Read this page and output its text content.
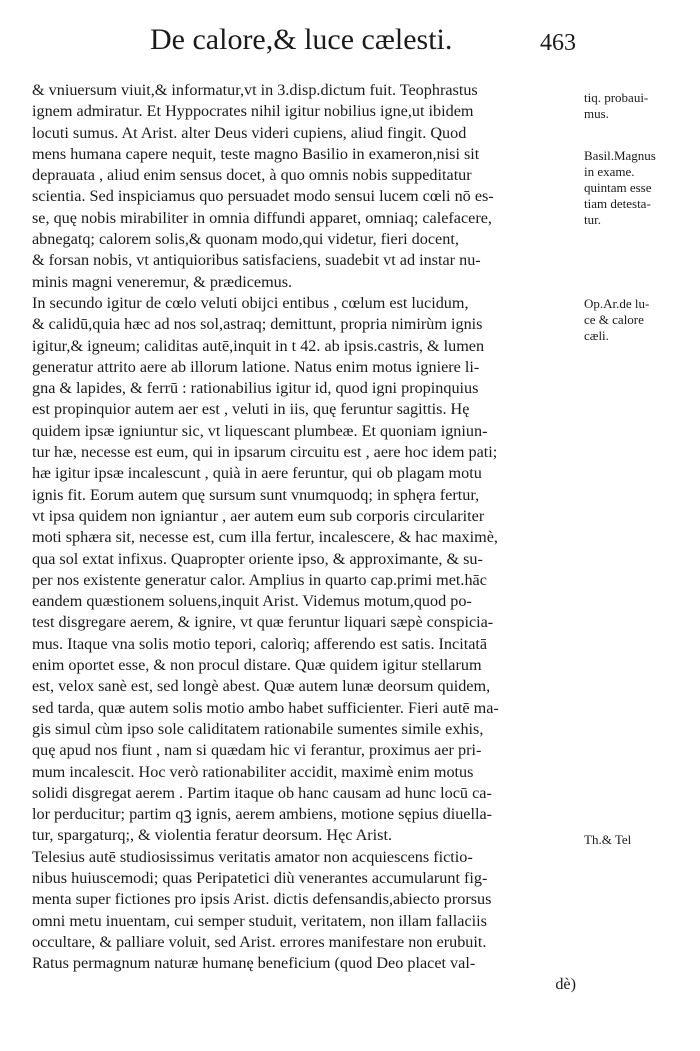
De calore,& luce cælesti.	463
& vniuersum viuit,& informatur,vt in 3.disp.dictum fuit. Teophrastus
ignem admiratur. Et Hyppocrates nihil igitur nobilius igne,ut ibidem
locuti sumus. At Arist. alter Deus videri cupiens, aliud fingit. Quod
mens humana capere nequit, teste magno Basilio in exameron,nisi sit
deprauata , aliud enim sensus docet, à quo omnis nobis suppeditatur
scientia. Sed inspiciamus quo persuadet modo sensui lucem cœli nō es-
se, quę nobis mirabiliter in omnia diffundi apparet, omniaq; calefacere,
abnegatq; calorem solis,& quonam modo,qui videtur, fieri docent,
& forsan nobis, vt antiquioribus satisfaciens, suadebit vt ad instar nu-
minis magni veneremur, & prædicemus.
In secundo igitur de cœlo veluti obijci entibus , cœlum est lucidum,
& calidū,quia hæc ad nos sol,astraq; demittunt, propria nimirùm ignis
igitur,& igneum; caliditas autē,inquit in t 42. ab ipsis.castris, & lumen
generatur attrito aere ab illorum latione. Natus enim motus igniere li-
gna & lapides, & ferrū : rationabilius igitur id, quod igni propinquius
est propinquior autem aer est , veluti in iis, quę feruntur sagittis. Hę
quidem ipsæ igniuntur sic, vt liquescant plumbeæ. Et quoniam igniun-
tur hæ, necesse est eum, qui in ipsarum circuitu est , aere hoc idem pati;
hæ igitur ipsæ incalescunt , quià in aere feruntur, qui ob plagam motu
ignis fit. Eorum autem quę sursum sunt vnumquodq; in sphęra fertur,
vt ipsa quidem non igniantur , aer autem eum sub corporis circulariter
moti sphæra sit, necesse est, cum illa fertur, incalescere, & hac maximè,
qua sol extat infixus. Quapropter oriente ipso, & approximante, & su-
per nos existente generatur calor. Amplius in quarto cap.primi met.hāc
eandem quæstionem soluens,inquit Arist. Videmus motum,quod po-
test disgregare aerem, & ignire, vt quæ feruntur liquari sæpè conspicia-
mus. Itaque vna solis motio tepori, calorìq; afferendo est satis. Incitatā
enim oportet esse, & non procul distare. Quæ quidem igitur stellarum
est, velox sanè est, sed longè abest. Quæ autem lunæ deorsum quidem,
sed tarda, quæ autem solis motio ambo habet sufficienter. Fieri autē ma-
gis simul cùm ipso sole caliditatem rationabile sumentes simile exhis,
quę apud nos fiunt , nam si quædam hic vi ferantur, proximus aer pri-
mum incalescit. Hoc verò rationabiliter accidit, maximè enim motus
solidi disgregat aerem . Partim itaque ob hanc causam ad hunc locū ca-
lor perducitur; partim qꝫ ignis, aerem ambiens, motione sępius diuella-
tur, spargaturq;, & violentia feratur deorsum. Hęc Arist.
Telesius autē studiosissimus veritatis amator non acquiescens fictio-
nibus huiuscemodi; quas Peripatetici diù venerantes accumularunt fig-
menta super fictiones pro ipsis Arist. dictis defensandis,abiecto prorsus
omni metu inuentam, cui semper studuit, veritatem, non illam fallaciis
occultare, & palliare voluit, sed Arist. errores manifestare non erubuit.
Ratus permagnum naturæ humanę beneficium (quod Deo placet val-
dè)
tiq. probaui-
mus.
Basil.Magnus
in exame.
quintam esse
tiam detesta-
tur.
Op.Ar.de lu-
ce & calore
cæli.
Th.& Tel
